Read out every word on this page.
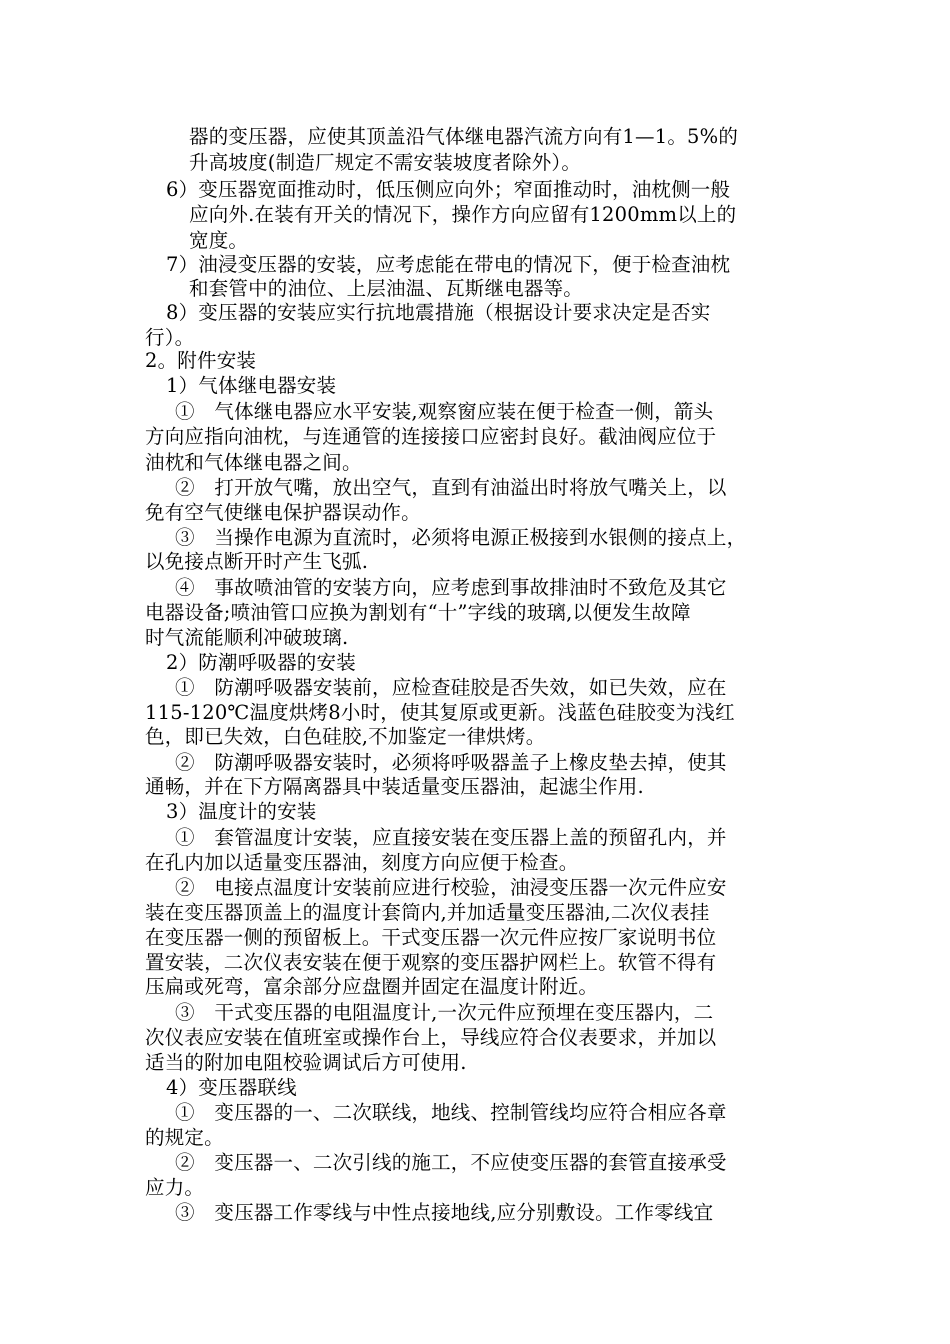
器的变压器，应使其顶盖沿气体继电器汽流方向有1—1。5%的
升高坡度(制造厂规定不需安装坡度者除外）。
6）变压器宽面推动时，低压侧应向外；窄面推动时，油枕侧一般
应向外.在装有开关的情况下，操作方向应留有1200mm以上的
宽度。
7）油浸变压器的安装，应考虑能在带电的情况下，便于检查油枕
和套管中的油位、上层油温、瓦斯继电器等。
8）变压器的安装应实行抗地震措施（根据设计要求决定是否实
行）。
2。附件安装
1）气体继电器安装
①　气体继电器应水平安装,观察窗应装在便于检查一侧，箭头
方向应指向油枕，与连通管的连接接口应密封良好。截油阀应位于
油枕和气体继电器之间。
②　打开放气嘴，放出空气，直到有油溢出时将放气嘴关上，以
免有空气使继电保护器误动作。
③　当操作电源为直流时，必须将电源正极接到水银侧的接点上，
以免接点断开时产生飞弧.
④　事故喷油管的安装方向，应考虑到事故排油时不致危及其它
电器设备;喷油管口应换为割划有“十”字线的玻璃,以便发生故障
时气流能顺利冲破玻璃.
2）防潮呼吸器的安装
①　防潮呼吸器安装前，应检查硅胶是否失效，如已失效，应在
115-120℃温度烘烤8小时，使其复原或更新。浅蓝色硅胶变为浅红
色，即已失效，白色硅胶,不加鉴定一律烘烤。
②　防潮呼吸器安装时，必须将呼吸器盖子上橡皮垫去掉，使其
通畅，并在下方隔离器具中装适量变压器油，起滤尘作用.
3）温度计的安装
①　套管温度计安装，应直接安装在变压器上盖的预留孔内，并
在孔内加以适量变压器油，刻度方向应便于检查。
②　电接点温度计安装前应进行校验，油浸变压器一次元件应安
装在变压器顶盖上的温度计套筒内,并加适量变压器油,二次仪表挂
在变压器一侧的预留板上。干式变压器一次元件应按厂家说明书位
置安装，二次仪表安装在便于观察的变压器护网栏上。软管不得有
压扁或死弯，富余部分应盘圈并固定在温度计附近。
③　干式变压器的电阻温度计,一次元件应预埋在变压器内，二
次仪表应安装在值班室或操作台上，导线应符合仪表要求，并加以
适当的附加电阻校验调试后方可使用.
4）变压器联线
①　变压器的一、二次联线，地线、控制管线均应符合相应各章
的规定。
②　变压器一、二次引线的施工，不应使变压器的套管直接承受
应力。
③　变压器工作零线与中性点接地线,应分别敷设。工作零线宜
